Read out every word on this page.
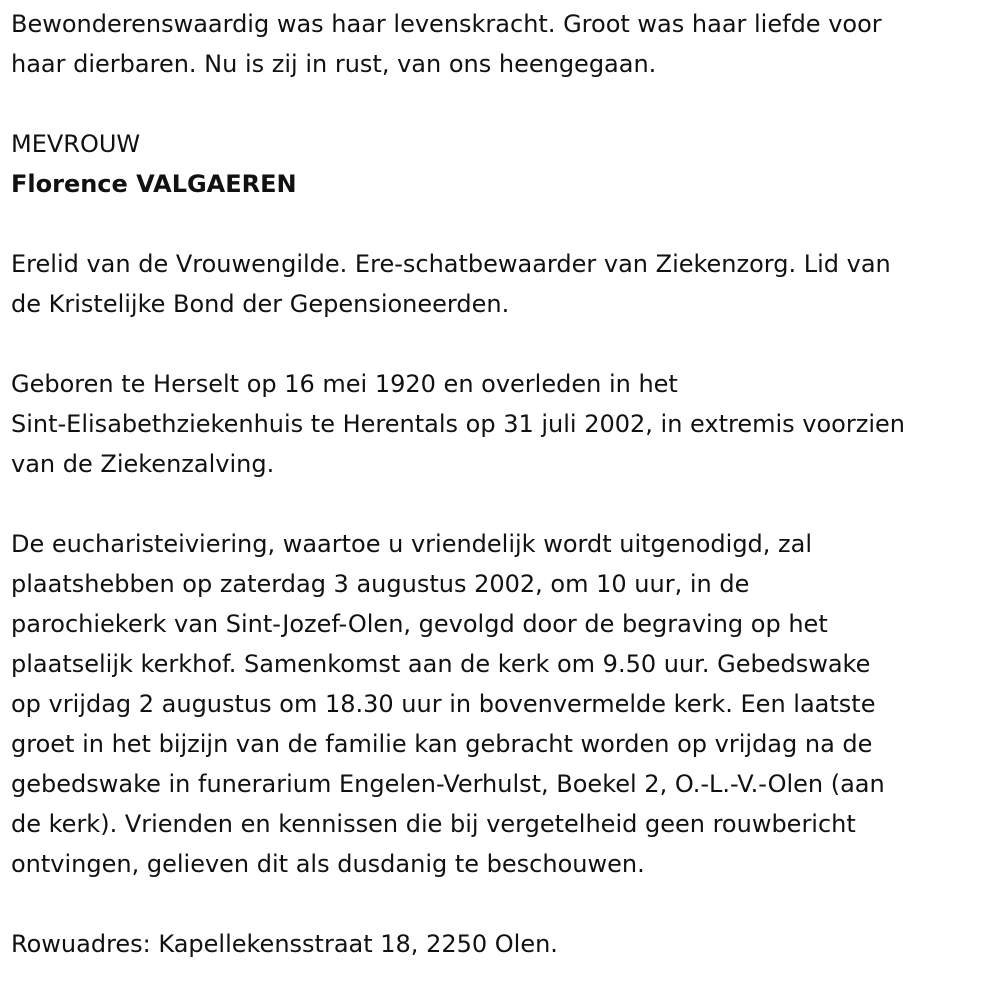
Bewonderenswaardig was haar levenskracht. Groot was haar liefde voor
haar dierbaren. Nu is zij in rust, van ons heengegaan.

MEVROUW

Florence VALGAEREN

Erelid van de Vrouwengilde. Ere-schatbewaarder van Ziekenzorg. Lid van
de Kristelijke Bond der Gepensioneerden.

Geboren te Herselt op 16 mei 1920 en overleden in het
Sint-Elisabethziekenhuis te Herentals op 31 juli 2002, in extremis voorzien
van de Ziekenzalving.

De eucharisteiviering, waartoe u vriendelijk wordt uitgenodigd, zal
plaatshebben op zaterdag 3 augustus 2002, om 10 uur, in de
parochiekerk van Sint-Jozef-Olen, gevolgd door de begraving op het
plaatselijk kerkhof. Samenkomst aan de kerk om 9.50 uur. Gebedswake
op vrijdag 2 augustus om 18.30 uur in bovenvermelde kerk. Een laatste
groet in het bijzijn van de familie kan gebracht worden op vrijdag na de
gebedswake in funerarium Engelen-Verhulst, Boekel 2, O.-L.-V.-Olen (aan
de kerk). Vrienden en kennissen die bij vergetelheid geen rouwbericht
ontvingen, gelieven dit als dusdanig te beschouwen.

Rowuadres: Kapellekensstraat 18, 2250 Olen.
